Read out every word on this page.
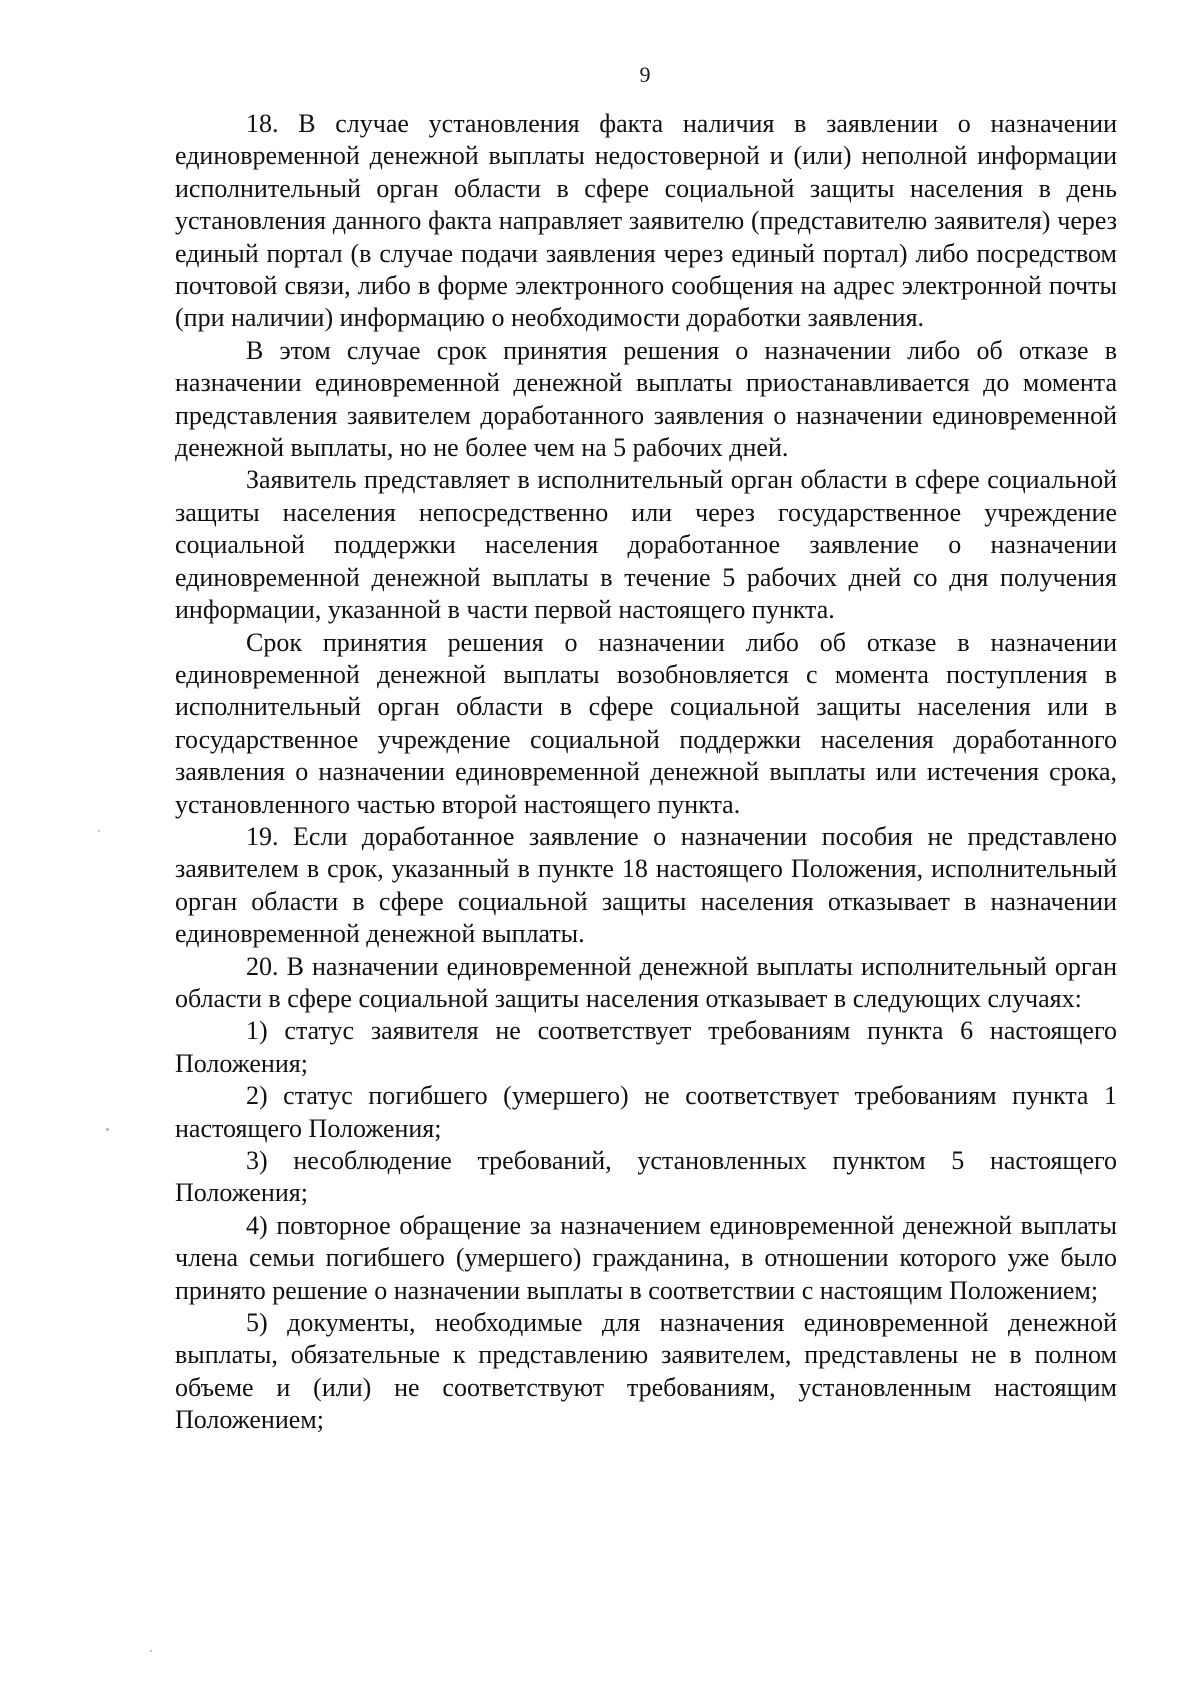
9

18. В случае установления факта наличия в заявлении о назначении единовременной денежной выплаты недостоверной и (или) неполной информации исполнительный орган области в сфере социальной защиты населения в день установления данного факта направляет заявителю (представителю заявителя) через единый портал (в случае подачи заявления через единый портал) либо посредством почтовой связи, либо в форме электронного сообщения на адрес электронной почты (при наличии) информацию о необходимости доработки заявления.

В этом случае срок принятия решения о назначении либо об отказе в назначении единовременной денежной выплаты приостанавливается до момента представления заявителем доработанного заявления о назначении единовременной денежной выплаты, но не более чем на 5 рабочих дней.

Заявитель представляет в исполнительный орган области в сфере социальной защиты населения непосредственно или через государственное учреждение социальной поддержки населения доработанное заявление о назначении единовременной денежной выплаты в течение 5 рабочих дней со дня получения информации, указанной в части первой настоящего пункта.

Срок принятия решения о назначении либо об отказе в назначении единовременной денежной выплаты возобновляется с момента поступления в исполнительный орган области в сфере социальной защиты населения или в государственное учреждение социальной поддержки населения доработанного заявления о назначении единовременной денежной выплаты или истечения срока, установленного частью второй настоящего пункта.

19. Если доработанное заявление о назначении пособия не представлено заявителем в срок, указанный в пункте 18 настоящего Положения, исполнительный орган области в сфере социальной защиты населения отказывает в назначении единовременной денежной выплаты.

20. В назначении единовременной денежной выплаты исполнительный орган области в сфере социальной защиты населения отказывает в следующих случаях:

1) статус заявителя не соответствует требованиям пункта 6 настоящего Положения;

2) статус погибшего (умершего) не соответствует требованиям пункта 1 настоящего Положения;

3) несоблюдение требований, установленных пунктом 5 настоящего Положения;

4) повторное обращение за назначением единовременной денежной выплаты члена семьи погибшего (умершего) гражданина, в отношении которого уже было принято решение о назначении выплаты в соответствии с настоящим Положением;

5) документы, необходимые для назначения единовременной денежной выплаты, обязательные к представлению заявителем, представлены не в полном объеме и (или) не соответствуют требованиям, установленным настоящим Положением;
